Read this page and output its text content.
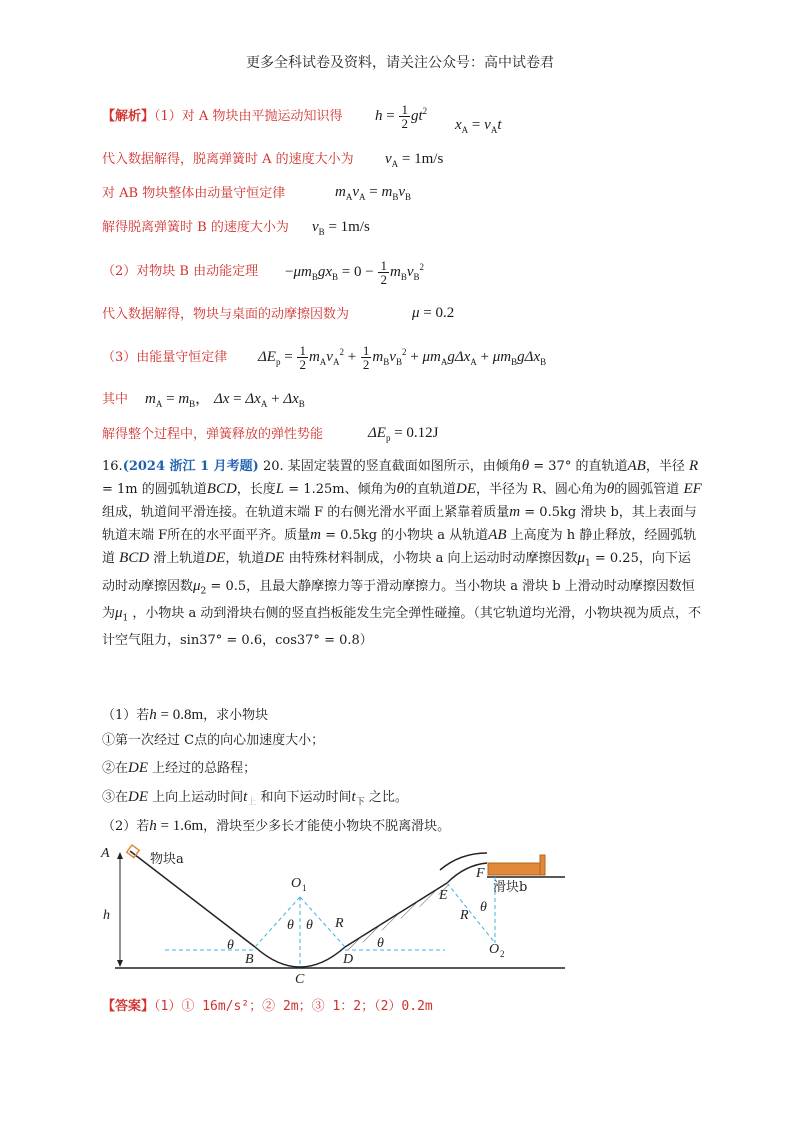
更多全科试卷及资料，请关注公众号：高中试卷君
【解析】（1）对 A 物块由平抛运动知识得 $h = \frac{1}{2} gt^2$
$x_A = v_At$
代入数据解得，脱离弹簧时 A 的速度大小为 $v_A = 1m/s$
对 AB 物块整体由动量守恒定律	$m_Av_A = m_Bv_B$
解得脱离弹簧时 B 的速度大小为 $v_B = 1m/s$
（2）对物块 B 由动能定理 $-\mu m_Bgx_B = 0 - \frac{1}{2} m_Bv_B^2$
代入数据解得，物块与桌面的动摩擦因数为	μ = 0.2
（3）由能量守恒定律 $\Delta E_p = \frac{1}{2} m_Av_A^2 + \frac{1}{2} m_Bv_B^2 + \mu m_Ag\Delta x_A + \mu m_Bg\Delta x_B$
其中 $m_A = m_B$， $\Delta x = \Delta x_A + \Delta x_B$
解得整个过程中，弹簧释放的弹性势能	$\Delta E_p = 0.12J$
16.(2024 浙江 1 月考题) 20. 某固定装置的竖直截面如图所示，由倾角θ = 37° 的直轨道AB，半径 R = 1m 的圆弧轨道BCD，长度L = 1.25m、倾角为θ的直轨道DE，半径为 R、圆心角为θ的圆弧管道 EF 组成，轨道间平滑连接。在轨道末端 F 的右侧光滑水平面上紧靠着质量m = 0.5kg 滑块 b，其上表面与轨道末端 F所在的水平面平齐。质量m = 0.5kg 的小物块 a 从轨道AB 上高度为 h 静止释放，经圆弧轨道 BCD 滑上轨道DE，轨道DE 由特殊材料制成，小物块 a 向上运动时动摩擦因数$\mu_1 = 0.25$，向下运动时动摩擦因数$\mu_2 = 0.5$，且最大静摩擦力等于滑动摩擦力。当小物块 a 滑块 b 上滑动时动摩擦因数恒为$\mu_1$ ，小物块 a 动到滑块右侧的竖直挡板能发生完全弹性碰撞。（其它轨道均光滑，小物块视为质点，不计空气阻力，sin37° = 0.6，cos37° = 0.8）
（1）若h = 0.8m，求小物块
①第一次经过 C点的向心加速度大小；
②在DE 上经过的总路程；
③在DE 上向上运动时间$t_上$ 和向下运动时间$t_下$ 之比。
（2）若h = 1.6m，滑块至少多长才能使小物块不脱离滑块。
A
h
O 1
θ θ R
θ	θ
B	D
C
E
F
R
θ
O 2
物块a
滑块b
【答案】（1）① 16m/s²；② 2m；③ 1：2；（2）0.2m
